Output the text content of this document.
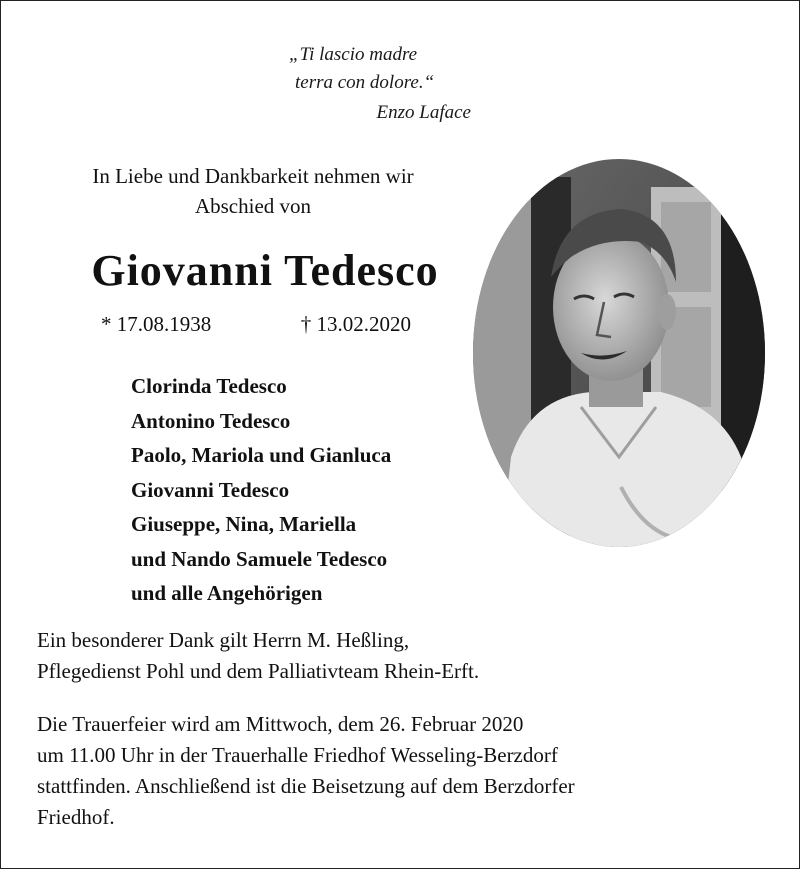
„Ti lascio madre
terra con dolore.“
Enzo Laface
In Liebe und Dankbarkeit nehmen wir
Abschied von
Giovanni Tedesco
* 17.08.1938	† 13.02.2020
Clorinda Tedesco
Antonino Tedesco
Paolo, Mariola und Gianluca
Giovanni Tedesco
Giuseppe, Nina, Mariella
und Nando Samuele Tedesco
und alle Angehörigen
Ein besonderer Dank gilt Herrn M. Heßling,
Pflegedienst Pohl und dem Palliativteam Rhein-Erft.
Die Trauerfeier wird am Mittwoch, dem 26. Februar 2020
um 11.00 Uhr in der Trauerhalle Friedhof Wesseling-Berzdorf
stattfinden. Anschließend ist die Beisetzung auf dem Berzdorfer
Friedhof.
